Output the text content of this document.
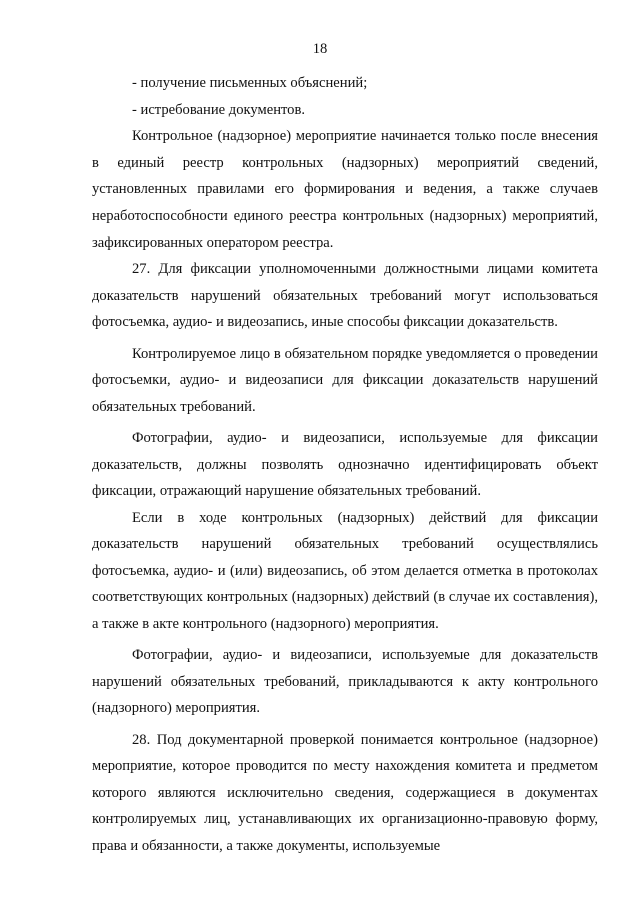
18

- получение письменных объяснений;

- истребование документов.

Контрольное (надзорное) мероприятие начинается только после внесения в единый реестр контрольных (надзорных) мероприятий сведений, установленных правилами его формирования и ведения, а также случаев неработоспособности единого реестра контрольных (надзорных) мероприятий, зафиксированных оператором реестра.

27. Для фиксации уполномоченными должностными лицами комитета доказательств нарушений обязательных требований могут использоваться фотосъемка, аудио- и видеозапись, иные способы фиксации доказательств.

Контролируемое лицо в обязательном порядке уведомляется о проведении фотосъемки, аудио- и видеозаписи для фиксации доказательств нарушений обязательных требований.

Фотографии, аудио- и видеозаписи, используемые для фиксации доказательств, должны позволять однозначно идентифицировать объект фиксации, отражающий нарушение обязательных требований.

Если в ходе контрольных (надзорных) действий для фиксации доказательств нарушений обязательных требований осуществлялись фотосъемка, аудио- и (или) видеозапись, об этом делается отметка в протоколах соответствующих контрольных (надзорных) действий (в случае их составления), а также в акте контрольного (надзорного) мероприятия.

Фотографии, аудио- и видеозаписи, используемые для доказательств нарушений обязательных требований, прикладываются к акту контрольного (надзорного) мероприятия.

28. Под документарной проверкой понимается контрольное (надзорное) мероприятие, которое проводится по месту нахождения комитета и предметом которого являются исключительно сведения, содержащиеся в документах контролируемых лиц, устанавливающих их организационно-правовую форму, права и обязанности, а также документы, используемые
